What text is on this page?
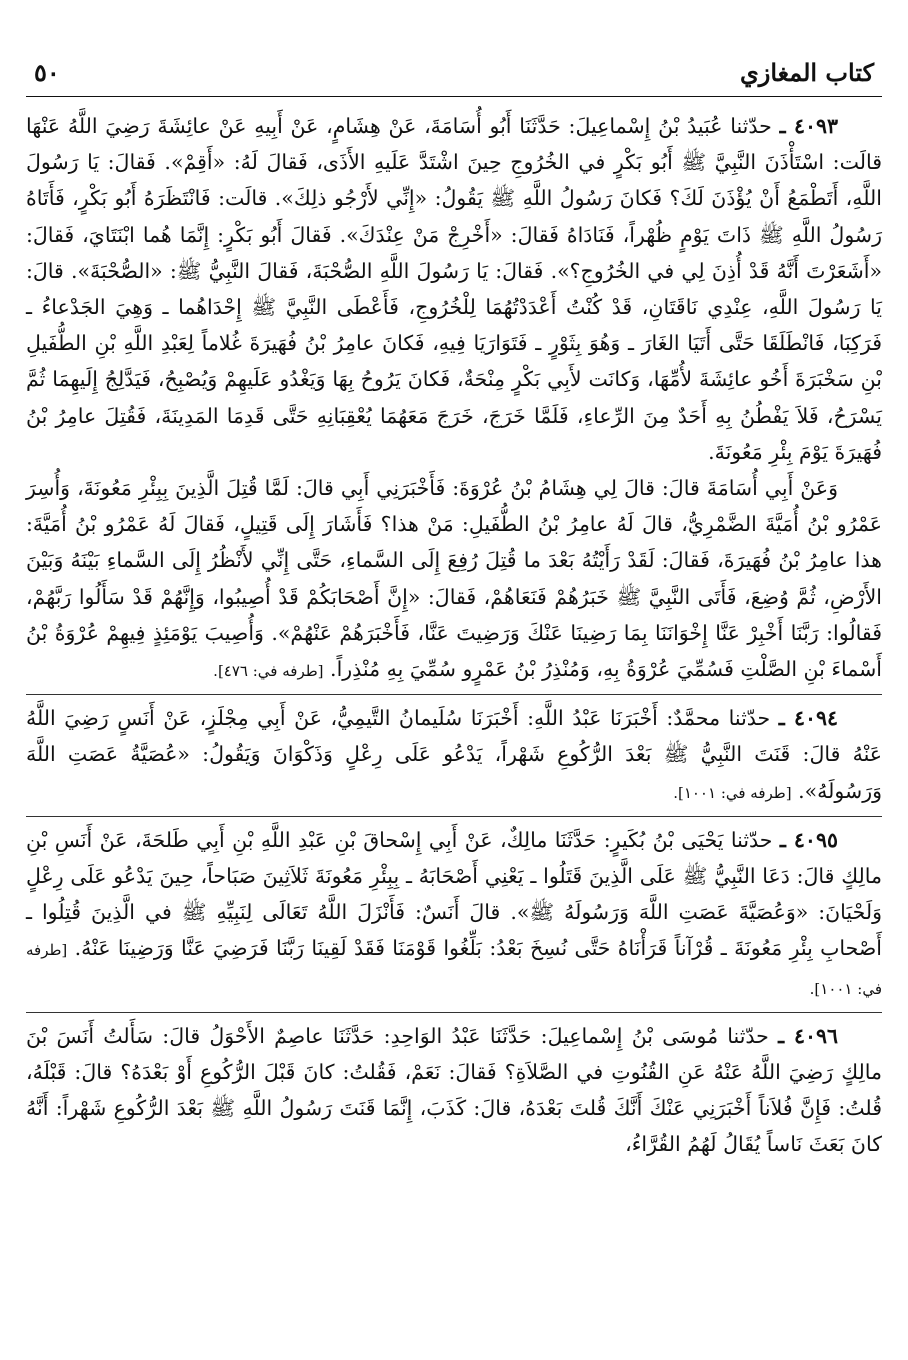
٥٠	كتاب المغازي

٤٠٩٣ ـ حدّثنا عُبَيدُ بْنُ إِسْماعِيلَ: حَدَّثَنَا أَبُو أُسَامَةَ، عَنْ هِشَامٍ، عَنْ أَبِيهِ عَنْ عائِشَةَ رَضِيَ اللَّهُ عَنْهَا قالَت: اسْتَأْذَنَ النَّبِيَّ ﷺ أَبُو بَكْرٍ في الخُرُوجِ حِينَ اشْتَدَّ عَلَيهِ الأَذَى، فَقالَ لَهُ: «أَقِمْ». فَقالَ: يَا رَسُولَ اللَّهِ، أَتَطْمَعُ أَنْ يُؤْذَنَ لَكَ؟ فَكانَ رَسُولُ اللَّهِ ﷺ يَقُولُ: «إِنِّي لأَرْجُو ذلِكَ». قالَت: فَانْتَظَرَهُ أَبُو بَكْرٍ، فَأَتَاهُ رَسُولُ اللَّهِ ﷺ ذَاتَ يَوْمٍ ظُهْراً، فَنَادَاهُ فَقالَ: «أَخْرِجْ مَنْ عِنْدَكَ». فَقالَ أَبُو بَكْرٍ: إِنَّمَا هُما ابْنَتَايَ، فَقالَ: «أَشَعَرْتَ أَنَّهُ قَدْ أُذِنَ لِي في الخُرُوجِ؟». فَقالَ: يَا رَسُولَ اللَّهِ الصُّحْبَةَ، فَقالَ النَّبِيُّ ﷺ: «الصُّحْبَةَ». قالَ: يَا رَسُولَ اللَّهِ، عِنْدِي نَاقَتَانِ، قَدْ كُنْتُ أَعْدَدْتُهُمَا لِلْخُرُوجِ، فَأَعْطَى النَّبِيَّ ﷺ إِحْدَاهُما ـ وَهِيَ الجَدْعاءُ ـ فَرَكِبَا، فَانْطَلَقَا حَتَّى أَتَيَا الغَارَ ـ وَهُوَ بِثَوْرٍ ـ فَتَوَارَيَا فِيهِ، فَكانَ عامِرُ بْنُ فُهَيرَةَ غُلاماً لِعَبْدِ اللَّهِ بْنِ الطُّفَيلِ بْنِ سَخْبَرَةَ أَخُو عائِشَةَ لأُمِّهَا، وَكانَت لأَبِي بَكْرٍ مِنْحَةٌ، فَكانَ يَرُوحُ بِهَا وَيَغْدُو عَلَيهِمْ وَيُصْبِحُ، فَيَدَّلِجُ إِلَيهِمَا ثُمَّ يَسْرَحُ، فَلاَ يَفْطُنُ بِهِ أَحَدٌ مِنَ الرِّعاءِ، فَلَمَّا خَرَجَ، خَرَجَ مَعَهُمَا يُعْقِبَانِهِ حَتَّى قَدِمَا المَدِينَةَ، فَقُتِلَ عامِرُ بْنُ فُهَيرَةَ يَوْمَ بِئْرِ مَعُونَةَ.

وَعَنْ أَبِي أُسَامَةَ قالَ: قالَ لِي هِشَامُ بْنُ عُرْوَةَ: فَأَخْبَرَنِي أَبِي قالَ: لَمَّا قُتِلَ الَّذِينَ بِبِئْرِ مَعُونَةَ، وَأُسِرَ عَمْرُو بْنُ أُمَيَّةَ الضَّمْرِيُّ، قالَ لَهُ عامِرُ بْنُ الطُّفَيلِ: مَنْ هذا؟ فَأَشَارَ إِلَى قَتِيلٍ، فَقالَ لَهُ عَمْرُو بْنُ أُمَيَّةَ: هذا عامِرُ بْنُ فُهَيرَةَ، فَقالَ: لَقَدْ رَأَيْتُهُ بَعْدَ ما قُتِلَ رُفِعَ إِلَى السَّماءِ، حَتَّى إِنِّي لأَنْظُرُ إِلَى السَّماءِ بَيْنَهُ وَبَيْنَ الأَرْضِ، ثُمَّ وُضِعَ، فَأَتَى النَّبِيَّ ﷺ خَبَرُهُمْ فَنَعَاهُمْ، فَقالَ: «إِنَّ أَصْحَابَكُمْ قَدْ أُصِيبُوا، وَإِنَّهُمْ قَدْ سَأَلُوا رَبَّهُمْ، فَقالُوا: رَبَّنَا أَخْبِرْ عَنَّا إِخْوَانَنَا بِمَا رَضِينَا عَنْكَ وَرَضِيتَ عَنَّا، فَأَخْبَرَهُمْ عَنْهُمْ». وَأُصِيبَ يَوْمَئِذٍ فِيهِمْ عُرْوَةُ بْنُ أَسْماءَ بْنِ الصَّلْتِ فَسُمِّيَ عُرْوَةُ بِهِ، وَمُنْذِرُ بْنُ عَمْرٍو سُمِّيَ بِهِ مُنْذِراً. [طرفه في: ٤٧٦].

٤٠٩٤ ـ حدّثنا محمَّدٌ: أَخْبَرَنَا عَبْدُ اللَّهِ: أَخْبَرَنَا سُلَيمانُ التَّيمِيُّ، عَنْ أَبِي مِجْلَزٍ، عَنْ أَنَسٍ رَضِيَ اللَّهُ عَنْهُ قالَ: قَنَتَ النَّبِيُّ ﷺ بَعْدَ الرُّكُوعِ شَهْراً، يَدْعُو عَلَى رِعْلٍ وَذَكْوَانَ وَيَقُولُ: «عُصَيَّةُ عَصَتِ اللَّهَ وَرَسُولَهُ». [طرفه في: ١٠٠١].

٤٠٩٥ ـ حدّثنا يَحْيَى بْنُ بُكَيرٍ: حَدَّثَنَا مالِكٌ، عَنْ أَبِي إِسْحاقَ بْنِ عَبْدِ اللَّهِ بْنِ أَبِي طَلحَةَ، عَنْ أَنَسِ بْنِ مالِكٍ قالَ: دَعَا النَّبِيُّ ﷺ عَلَى الَّذِينَ قَتَلُوا ـ يَعْنِي أَصْحَابَهُ ـ بِبِئْرِ مَعُونَةَ ثَلاَثِينَ صَبَاحاً، حِينَ يَدْعُو عَلَى رِعْلٍ وَلَحْيَانَ: «وَعُصَيَّةَ عَصَتِ اللَّهَ وَرَسُولَهُ ﷺ». قالَ أَنَسٌ: فَأَنْزَلَ اللَّهُ تَعَالَى لِنَبِيِّهِ ﷺ في الَّذِينَ قُتِلُوا ـ أَصْحابِ بِئْرِ مَعُونَةَ ـ قُرْآناً قَرَأْنَاهُ حَتَّى نُسِخَ بَعْدُ: بَلِّغُوا قَوْمَنَا فَقَدْ لَقِينَا رَبَّنَا فَرَضِيَ عَنَّا وَرَضِينَا عَنْهُ. [طرفه في: ١٠٠١].

٤٠٩٦ ـ حدّثنا مُوسَى بْنُ إِسْماعِيلَ: حَدَّثَنَا عَبْدُ الوَاحِدِ: حَدَّثَنَا عاصِمٌ الأَحْوَلُ قالَ: سَأَلتُ أَنَسَ بْنَ مالِكٍ رَضِيَ اللَّهُ عَنْهُ عَنِ القُنُوتِ في الصَّلاَةِ؟ فَقالَ: نَعَمْ، فَقُلتُ: كانَ قَبْلَ الرُّكُوعِ أَوْ بَعْدَهُ؟ قالَ: قَبْلَهُ، قُلتُ: فَإِنَّ فُلاَناً أَخْبَرَنِي عَنْكَ أَنَّكَ قُلتَ بَعْدَهُ، قالَ: كَذَبَ، إِنَّمَا قَنَتَ رَسُولُ اللَّهِ ﷺ بَعْدَ الرُّكُوعِ شَهْراً: أَنَّهُ كانَ بَعَثَ نَاساً يُقَالُ لَهُمُ القُرَّاءُ،
